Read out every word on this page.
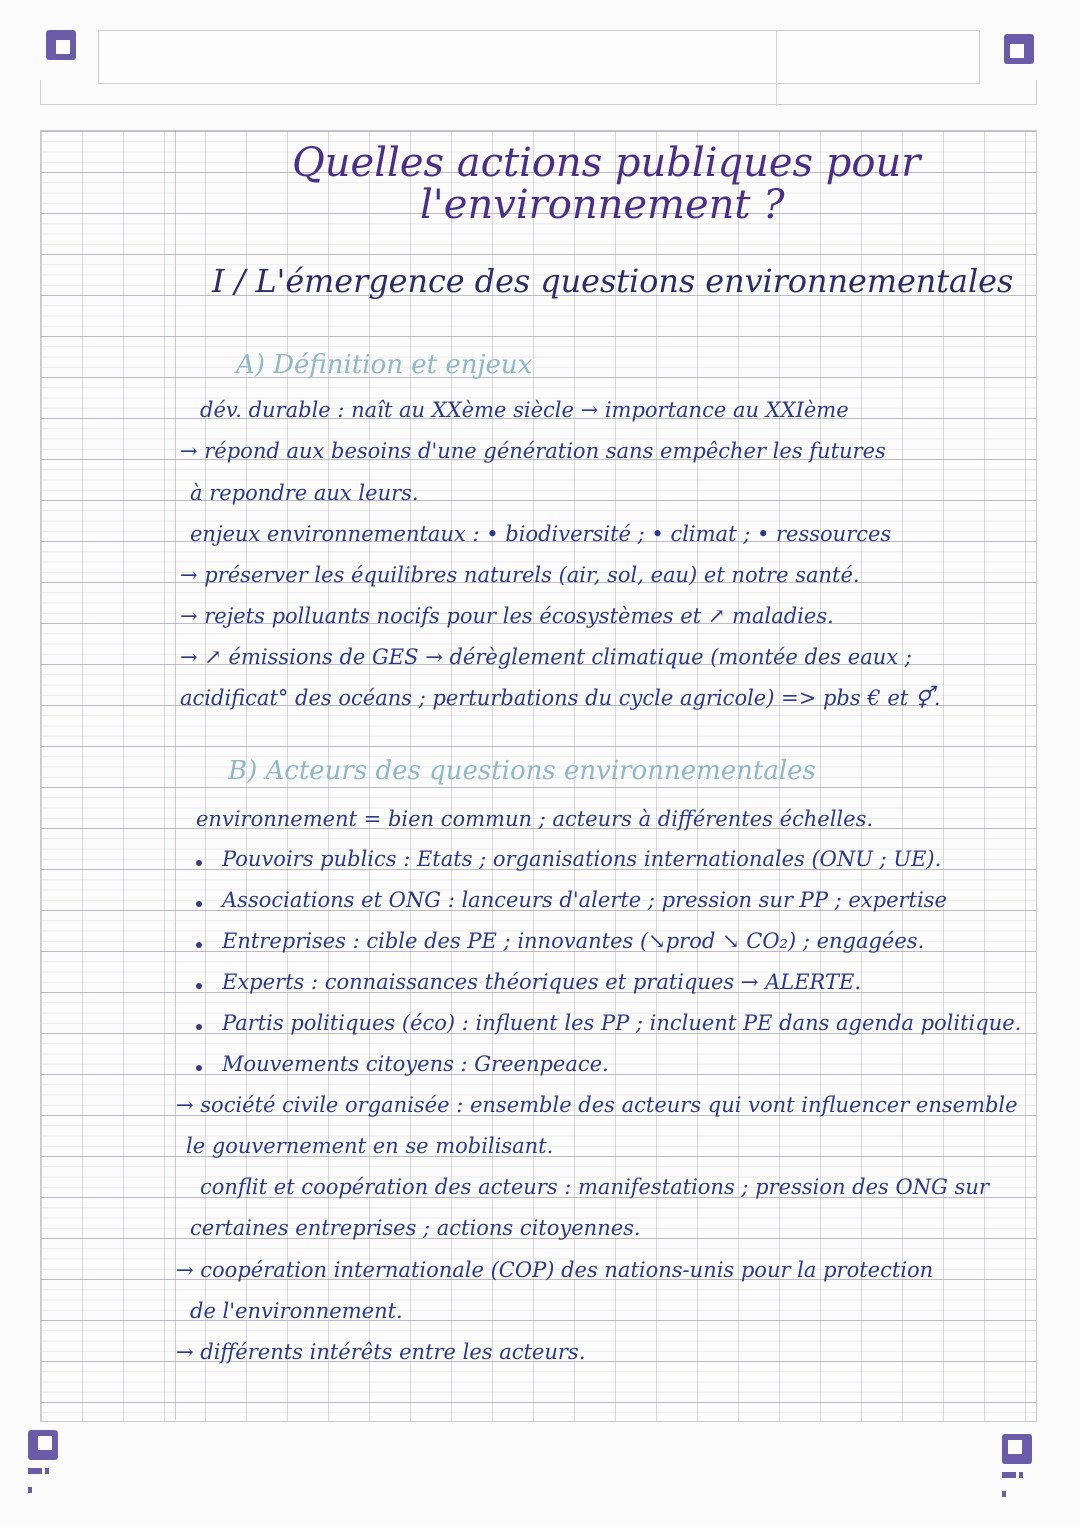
Quelles actions publiques pour
l'environnement ?
I / L'émergence des questions environnementales
A) Définition et enjeux
dév. durable : naît au XXème siècle → importance au XXIème
→ répond aux besoins d'une génération sans empêcher les futures
à repondre aux leurs.
enjeux environnementaux : • biodiversité ; • climat ; • ressources
→ préserver les équilibres naturels (air, sol, eau) et notre santé.
→ rejets polluants nocifs pour les écosystèmes et ↗ maladies.
→ ↗ émissions de GES → dérèglement climatique (montée des eaux ;
acidificat° des océans ; perturbations du cycle agricole) => pbs € et ⚥.
B) Acteurs des questions environnementales
environnement = bien commun ; acteurs à différentes échelles.
Pouvoirs publics : Etats ; organisations internationales (ONU ; UE).
Associations et ONG : lanceurs d'alerte ; pression sur PP ; expertise
Entreprises : cible des PE ; innovantes (↘prod ↘ CO₂) ; engagées.
Experts : connaissances théoriques et pratiques → ALERTE.
Partis politiques (éco) : influent les PP ; incluent PE dans agenda politique.
Mouvements citoyens : Greenpeace.
→ société civile organisée : ensemble des acteurs qui vont influencer ensemble
le gouvernement en se mobilisant.
conflit et coopération des acteurs : manifestations ; pression des ONG sur
certaines entreprises ; actions citoyennes.
→ coopération internationale (COP) des nations-unis pour la protection
de l'environnement.
→ différents intérêts entre les acteurs.
